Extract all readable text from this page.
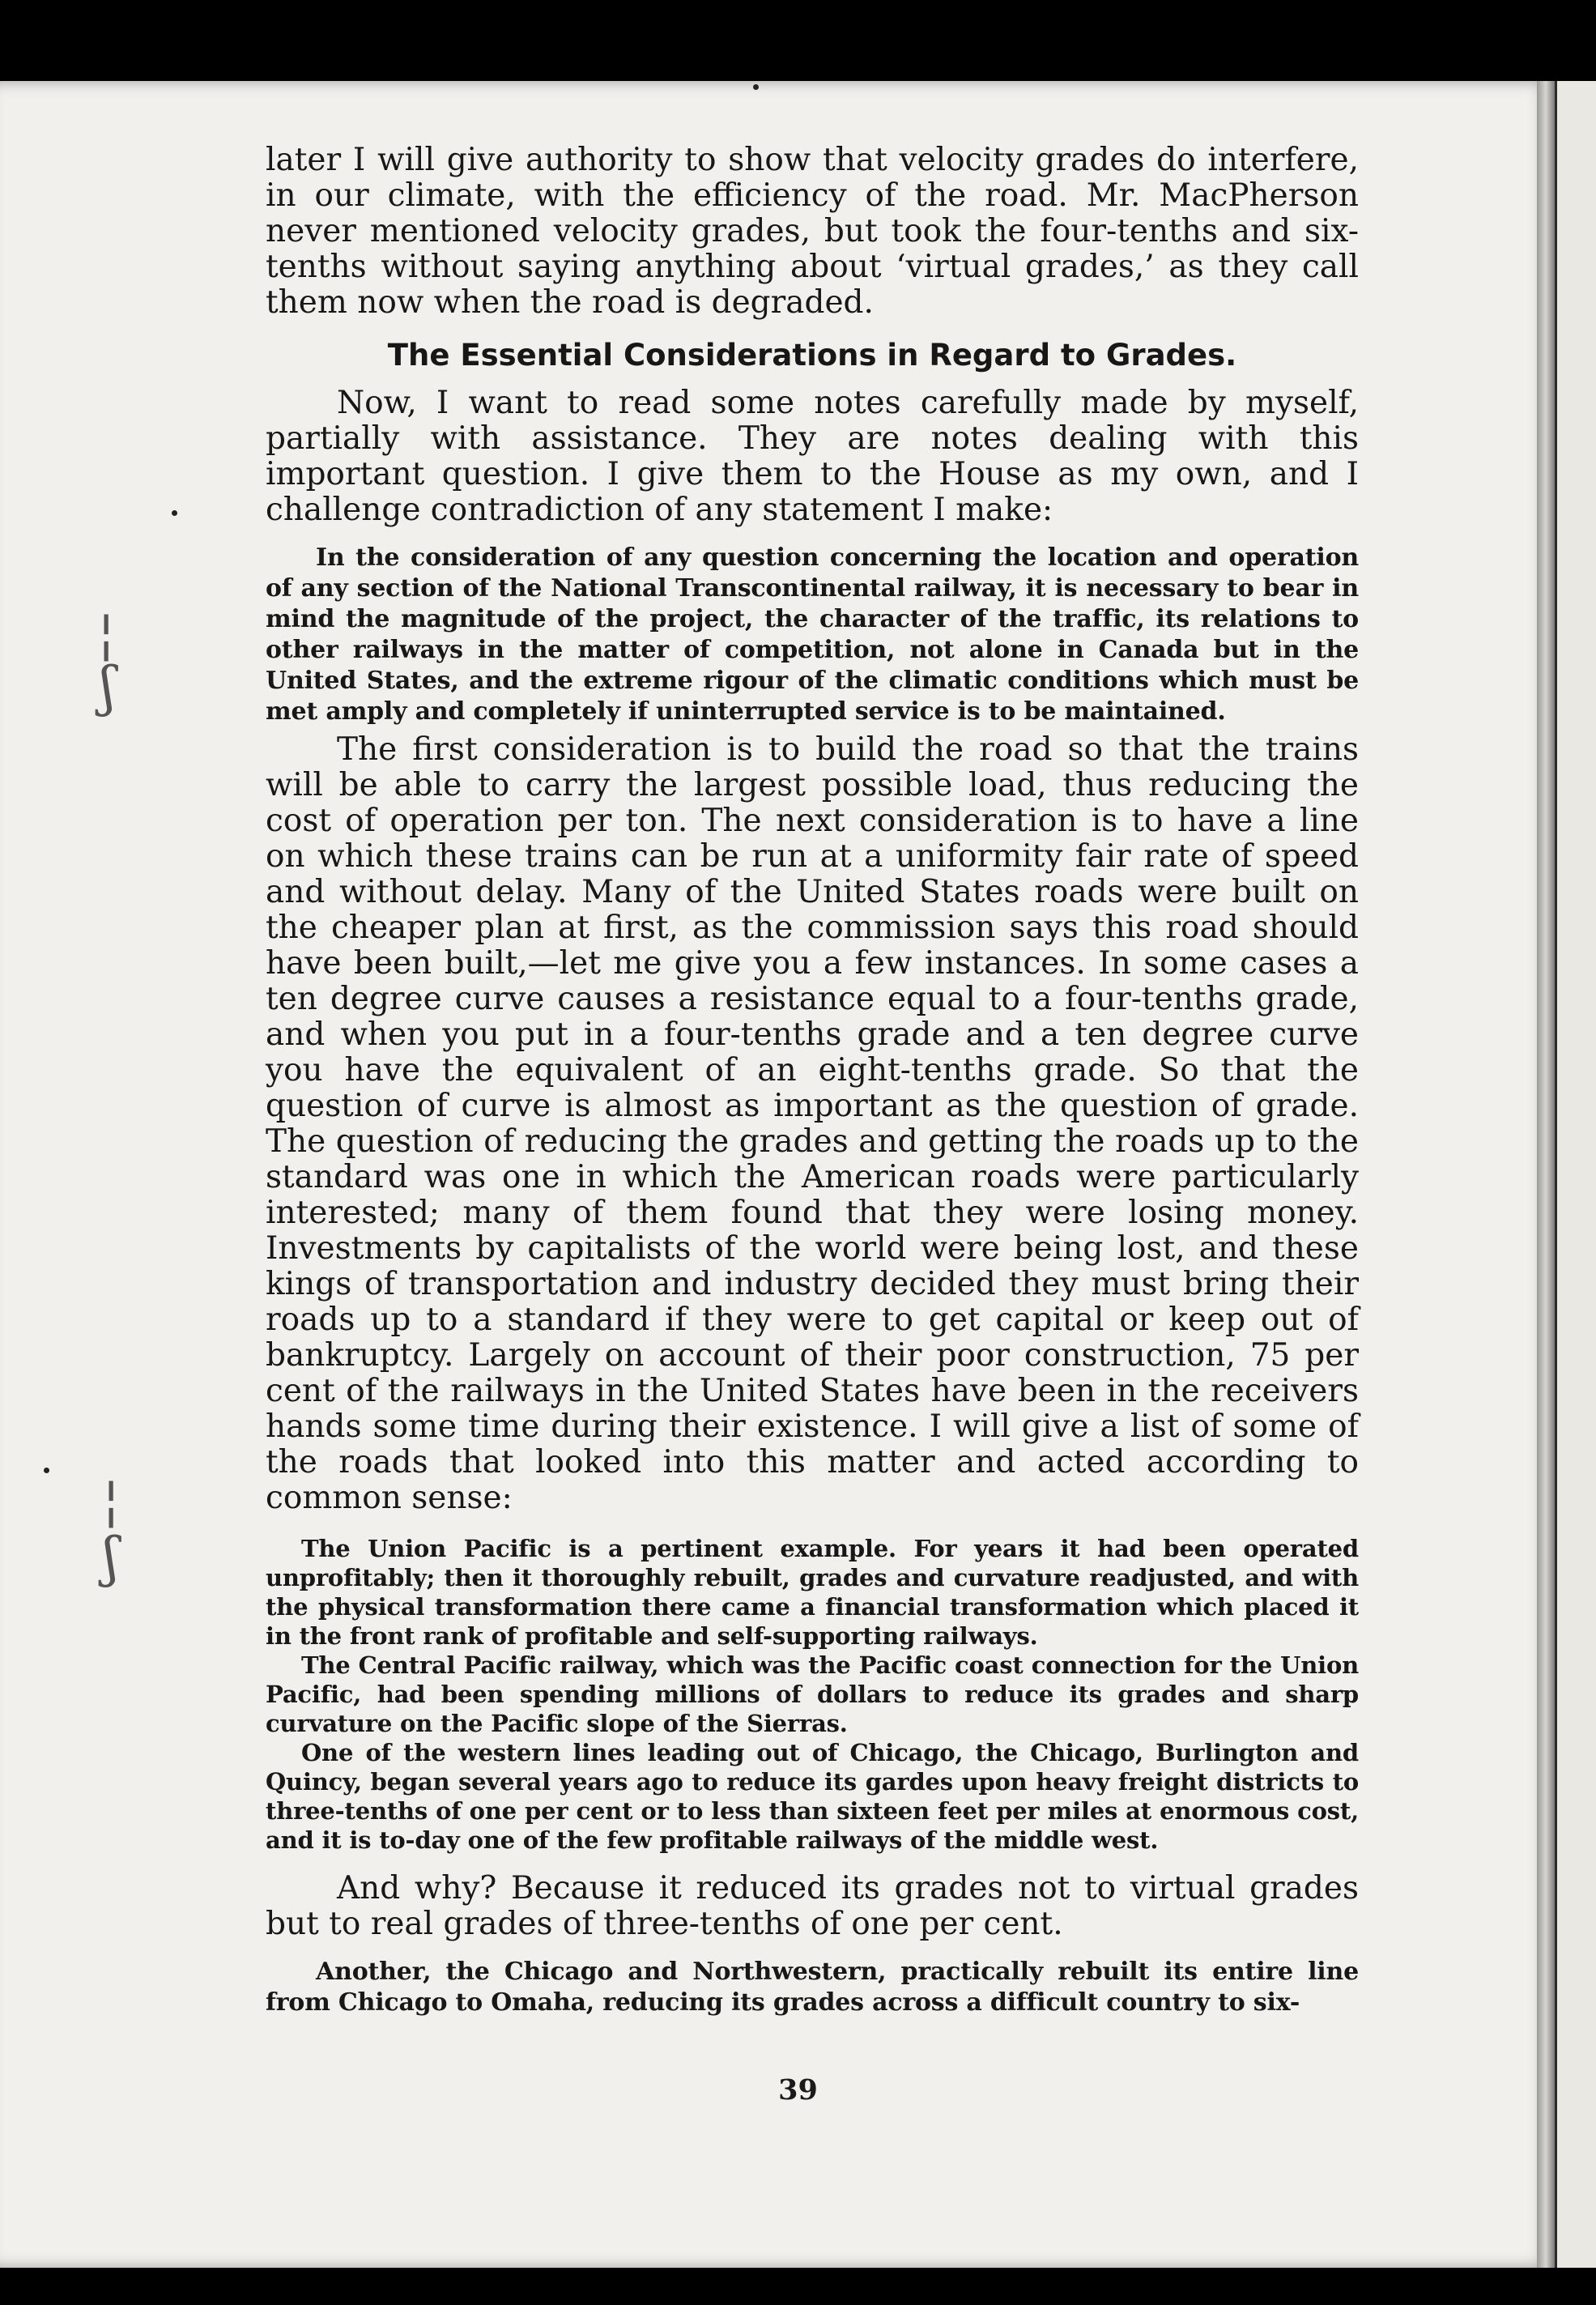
¦
ʃ
¦
ʃ

later I will give authority to show that velocity grades do interfere, in our climate, with the efficiency of the road. Mr. MacPherson never mentioned velocity grades, but took the four-tenths and six-tenths without saying anything about ‘virtual grades,’ as they call them now when the road is degraded.

The Essential Considerations in Regard to Grades.

Now, I want to read some notes carefully made by myself, partially with assistance. They are notes dealing with this important question. I give them to the House as my own, and I challenge contradiction of any statement I make:

In the consideration of any question concerning the location and operation of any section of the National Transcontinental railway, it is necessary to bear in mind the magnitude of the project, the character of the traffic, its relations to other railways in the matter of competition, not alone in Canada but in the United States, and the extreme rigour of the climatic conditions which must be met amply and completely if uninterrupted service is to be maintained.

The first consideration is to build the road so that the trains will be able to carry the largest possible load, thus reducing the cost of operation per ton. The next consideration is to have a line on which these trains can be run at a uniformity fair rate of speed and without delay. Many of the United States roads were built on the cheaper plan at first, as the commission says this road should have been built,—let me give you a few instances. In some cases a ten degree curve causes a resistance equal to a four-tenths grade, and when you put in a four-tenths grade and a ten degree curve you have the equivalent of an eight-tenths grade. So that the question of curve is almost as important as the question of grade. The question of reducing the grades and getting the roads up to the standard was one in which the American roads were particularly interested; many of them found that they were losing money. Investments by capitalists of the world were being lost, and these kings of transportation and industry decided they must bring their roads up to a standard if they were to get capital or keep out of bankruptcy. Largely on account of their poor construction, 75 per cent of the railways in the United States have been in the receivers hands some time during their existence. I will give a list of some of the roads that looked into this matter and acted according to common sense:

The Union Pacific is a pertinent example. For years it had been operated unprofitably; then it thoroughly rebuilt, grades and curvature readjusted, and with the physical transformation there came a financial transformation which placed it in the front rank of profitable and self-supporting railways.

The Central Pacific railway, which was the Pacific coast connection for the Union Pacific, had been spending millions of dollars to reduce its grades and sharp curvature on the Pacific slope of the Sierras.

One of the western lines leading out of Chicago, the Chicago, Burlington and Quincy, began several years ago to reduce its gardes upon heavy freight districts to three-tenths of one per cent or to less than sixteen feet per miles at enormous cost, and it is to-day one of the few profitable railways of the middle west.

And why? Because it reduced its grades not to virtual grades but to real grades of three-tenths of one per cent.

Another, the Chicago and Northwestern, practically rebuilt its entire line from Chicago to Omaha, reducing its grades across a difficult country to six-

39
